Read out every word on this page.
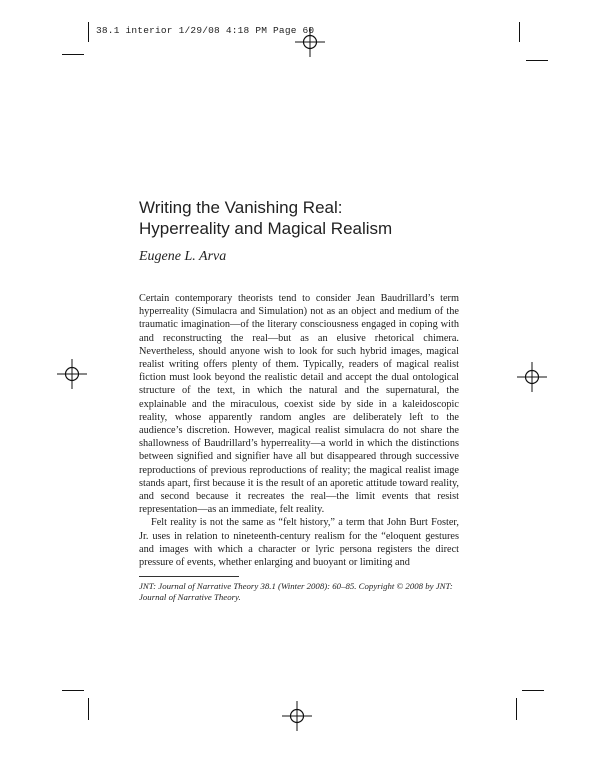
38.1 interior 1/29/08 4:18 PM Page 60
Writing the Vanishing Real:
Hyperreality and Magical Realism

Eugene L. Arva

Certain contemporary theorists tend to consider Jean Baudrillard’s term hyperreality (Simulacra and Simulation) not as an object and medium of the traumatic imagination—of the literary consciousness engaged in coping with and reconstructing the real—but as an elusive rhetorical chimera. Nevertheless, should anyone wish to look for such hybrid images, magical realist writing offers plenty of them. Typically, readers of magical realist fiction must look beyond the realistic detail and accept the dual ontological structure of the text, in which the natural and the supernatural, the explainable and the miraculous, coexist side by side in a kaleidoscopic reality, whose apparently random angles are deliberately left to the audience’s discretion. However, magical realist simulacra do not share the shallowness of Baudrillard’s hyperreality—a world in which the distinctions between signified and signifier have all but disappeared through successive reproductions of previous reproductions of reality; the magical realist image stands apart, first because it is the result of an aporetic attitude toward reality, and second because it recreates the real—the limit events that resist representation—as an immediate, felt reality.

Felt reality is not the same as “felt history,” a term that John Burt Foster, Jr. uses in relation to nineteenth-century realism for the “eloquent gestures and images with which a character or lyric persona registers the direct pressure of events, whether enlarging and buoyant or limiting and

JNT: Journal of Narrative Theory 38.1 (Winter 2008): 60–85. Copyright © 2008 by JNT: Journal of Narrative Theory.
